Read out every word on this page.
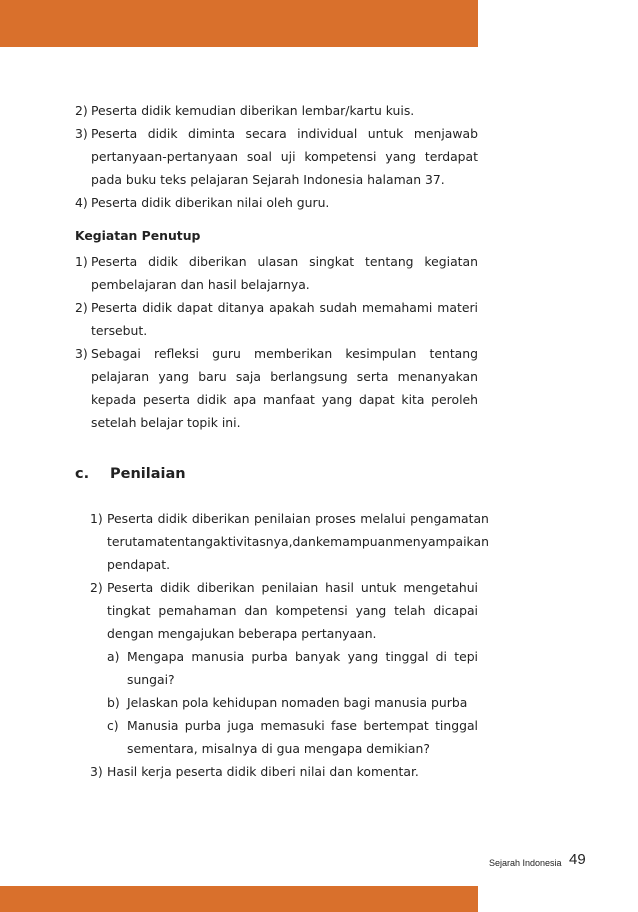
2) Peserta didik kemudian diberikan lembar/kartu kuis.
3) Peserta didik diminta secara individual untuk menjawab pertanyaan-pertanyaan soal uji kompetensi yang terdapat pada buku teks pelajaran Sejarah Indonesia halaman 37.
4) Peserta didik diberikan nilai oleh guru.
Kegiatan Penutup
1) Peserta didik diberikan ulasan singkat tentang kegiatan pembelajaran dan hasil belajarnya.
2) Peserta didik dapat ditanya apakah sudah memahami materi tersebut.
3) Sebagai refleksi guru memberikan kesimpulan tentang pelajaran yang baru saja berlangsung serta menanyakan kepada peserta didik apa manfaat yang dapat kita peroleh setelah belajar topik ini.
c.	Penilaian
1) Peserta didik diberikan penilaian proses melalui pengamatan terutamatentangaktivitasnya,dankemampuanmenyampaikan pendapat.
2) Peserta didik diberikan penilaian hasil untuk mengetahui tingkat pemahaman dan kompetensi yang telah dicapai dengan mengajukan beberapa pertanyaan.
a) Mengapa manusia purba banyak yang tinggal di tepi sungai?
b) Jelaskan pola kehidupan nomaden bagi manusia purba
c) Manusia purba juga memasuki fase bertempat tinggal sementara, misalnya di gua mengapa demikian?
3) Hasil kerja peserta didik diberi nilai dan komentar.
Sejarah Indonesia 49
